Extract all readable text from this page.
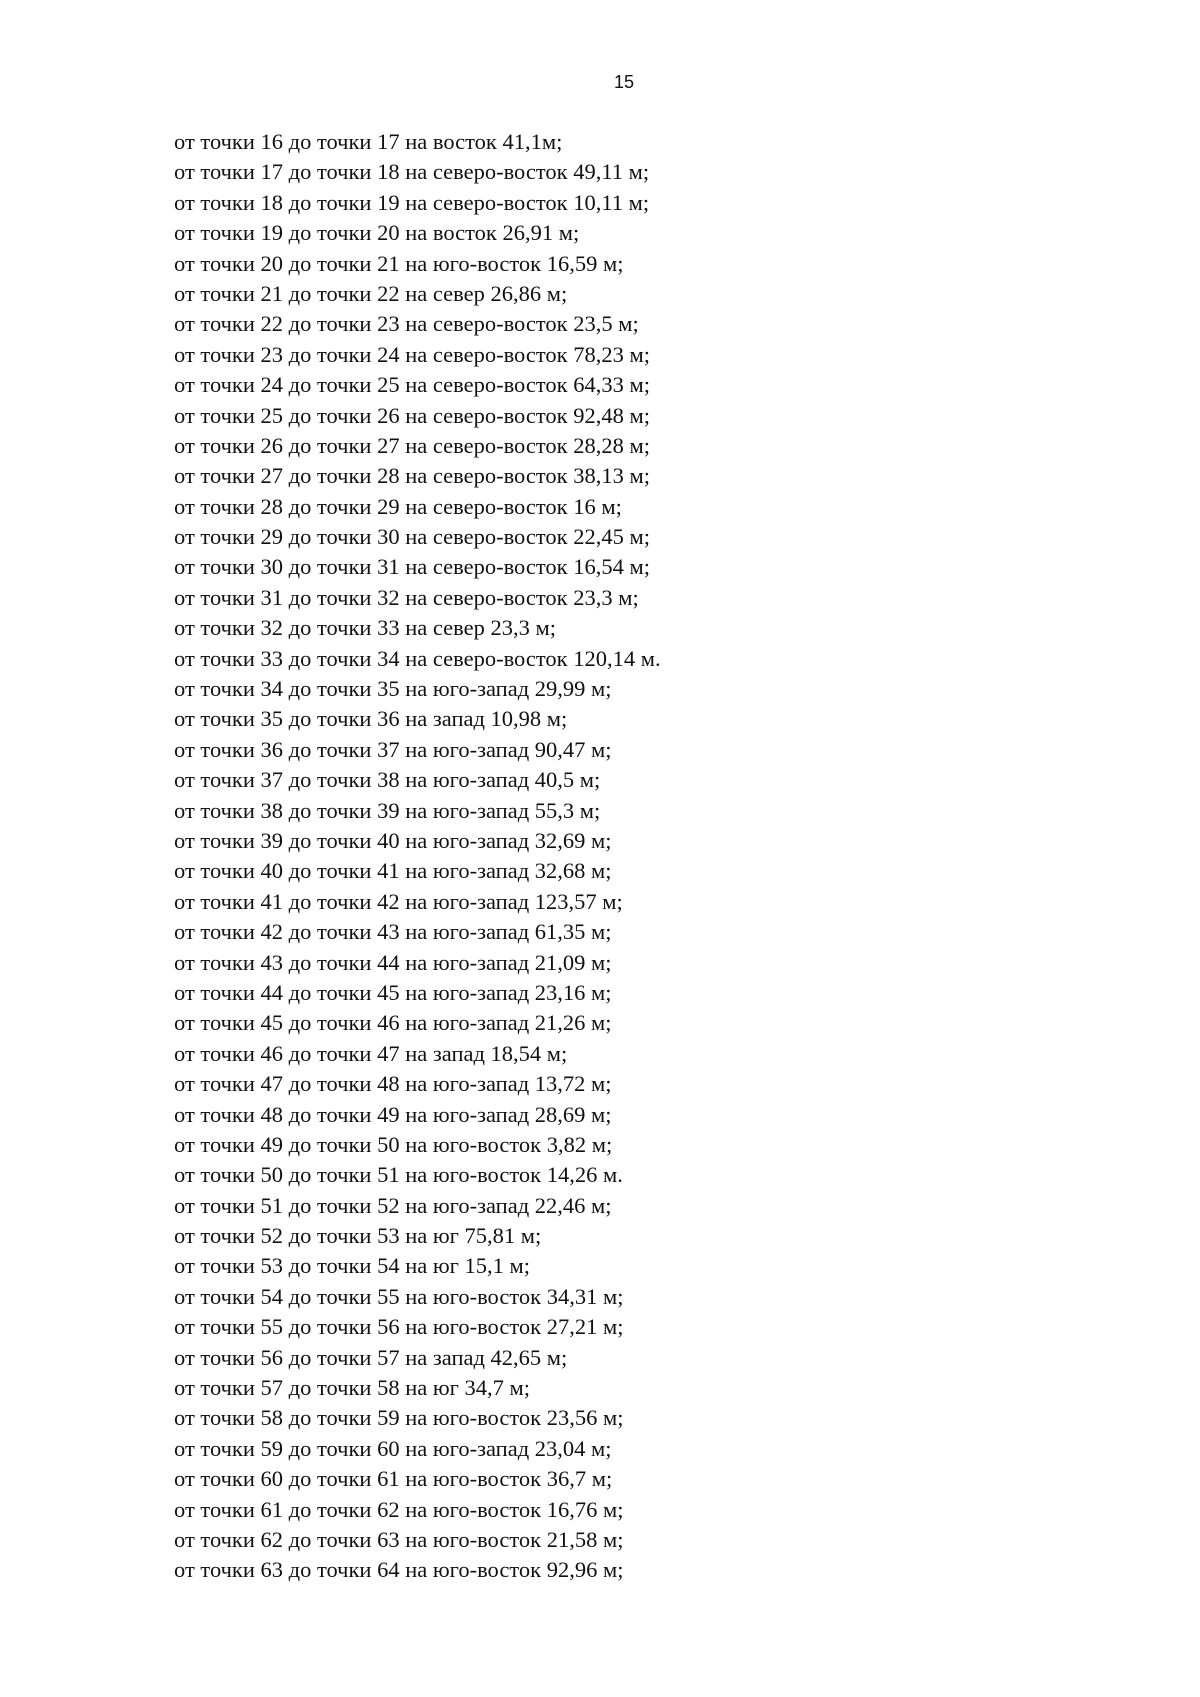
15
от точки 16 до точки 17 на восток 41,1м;
от точки 17 до точки 18 на северо-восток 49,11 м;
от точки 18 до точки 19 на северо-восток 10,11 м;
от точки 19 до точки 20 на восток 26,91 м;
от точки 20 до точки 21 на юго-восток 16,59 м;
от точки 21 до точки 22 на север 26,86 м;
от точки 22 до точки 23 на северо-восток 23,5 м;
от точки 23 до точки 24 на северо-восток 78,23 м;
от точки 24 до точки 25 на северо-восток 64,33 м;
от точки 25 до точки 26 на северо-восток 92,48 м;
от точки 26 до точки 27 на северо-восток 28,28 м;
от точки 27 до точки 28 на северо-восток 38,13 м;
от точки 28 до точки 29 на северо-восток 16 м;
от точки 29 до точки 30 на северо-восток 22,45 м;
от точки 30 до точки 31 на северо-восток 16,54 м;
от точки 31 до точки 32 на северо-восток 23,3 м;
от точки 32 до точки 33 на север 23,3 м;
от точки 33 до точки 34 на северо-восток 120,14 м.
от точки 34 до точки 35 на юго-запад 29,99 м;
от точки 35 до точки 36 на запад 10,98 м;
от точки 36 до точки 37 на юго-запад 90,47 м;
от точки 37 до точки 38 на юго-запад 40,5 м;
от точки 38 до точки 39 на юго-запад 55,3 м;
от точки 39 до точки 40 на юго-запад 32,69 м;
от точки 40 до точки 41 на юго-запад 32,68 м;
от точки 41 до точки 42 на юго-запад 123,57 м;
от точки 42 до точки 43 на юго-запад 61,35 м;
от точки 43 до точки 44 на юго-запад 21,09 м;
от точки 44 до точки 45 на юго-запад 23,16 м;
от точки 45 до точки 46 на юго-запад 21,26 м;
от точки 46 до точки 47 на запад 18,54 м;
от точки 47 до точки 48 на юго-запад 13,72 м;
от точки 48 до точки 49 на юго-запад 28,69 м;
от точки 49 до точки 50 на юго-восток 3,82 м;
от точки 50 до точки 51 на юго-восток 14,26 м.
от точки 51 до точки 52 на юго-запад 22,46 м;
от точки 52 до точки 53 на юг 75,81 м;
от точки 53 до точки 54 на юг 15,1 м;
от точки 54 до точки 55 на юго-восток 34,31 м;
от точки 55 до точки 56 на юго-восток 27,21 м;
от точки 56 до точки 57 на запад 42,65 м;
от точки 57 до точки 58 на юг 34,7 м;
от точки 58 до точки 59 на юго-восток 23,56 м;
от точки 59 до точки 60 на юго-запад 23,04 м;
от точки 60 до точки 61 на юго-восток 36,7 м;
от точки 61 до точки 62 на юго-восток 16,76 м;
от точки 62 до точки 63 на юго-восток 21,58 м;
от точки 63 до точки 64 на юго-восток 92,96 м;
